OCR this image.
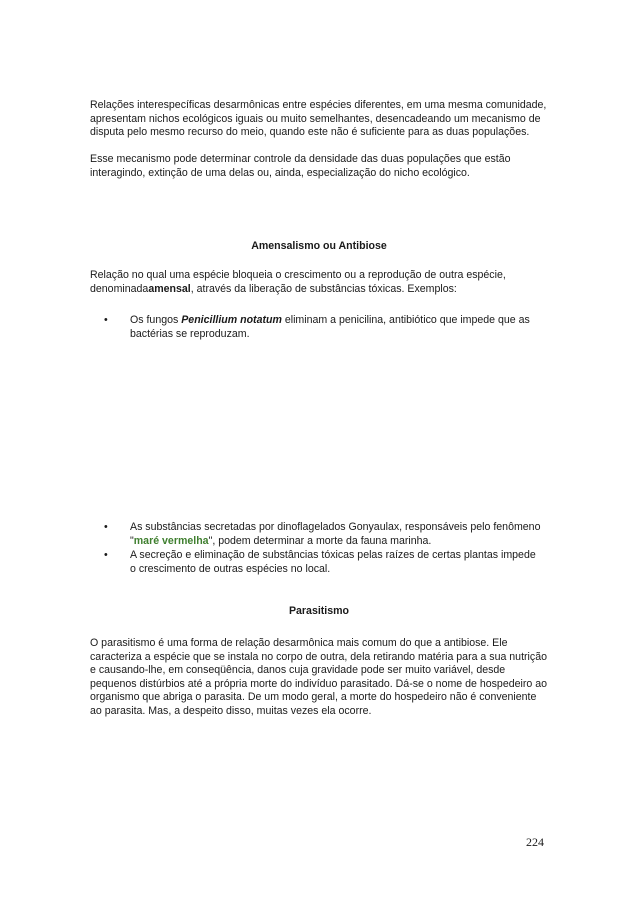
Relações interespecíficas desarmônicas entre espécies diferentes, em uma mesma comunidade, apresentam nichos ecológicos iguais ou muito semelhantes, desencadeando um mecanismo de disputa pelo mesmo recurso do meio, quando este não é suficiente para as duas populações.

Esse mecanismo pode determinar controle da densidade das duas populações que estão interagindo, extinção de uma delas ou, ainda, especialização do nicho ecológico.

Amensalismo ou Antibiose

Relação no qual uma espécie bloqueia o crescimento ou a reprodução de outra espécie, denominadaamensal, através da liberação de substâncias tóxicas. Exemplos:

•	Os fungos Penicillium notatum eliminam a penicilina, antibiótico que impede que as bactérias se reproduzam.
•	As substâncias secretadas por dinoflagelados Gonyaulax, responsáveis pelo fenômeno "maré vermelha", podem determinar a morte da fauna marinha.
•	A secreção e eliminação de substâncias tóxicas pelas raízes de certas plantas impede o crescimento de outras espécies no local.

Parasitismo

O parasitismo é uma forma de relação desarmônica mais comum do que a antibiose. Ele caracteriza a espécie que se instala no corpo de outra, dela retirando matéria para a sua nutrição e causando-lhe, em conseqüência, danos cuja gravidade pode ser muito variável, desde pequenos distúrbios até a própria morte do indivíduo parasitado. Dá-se o nome de hospedeiro ao organismo que abriga o parasita. De um modo geral, a morte do hospedeiro não é conveniente ao parasita. Mas, a despeito disso, muitas vezes ela ocorre.

224
